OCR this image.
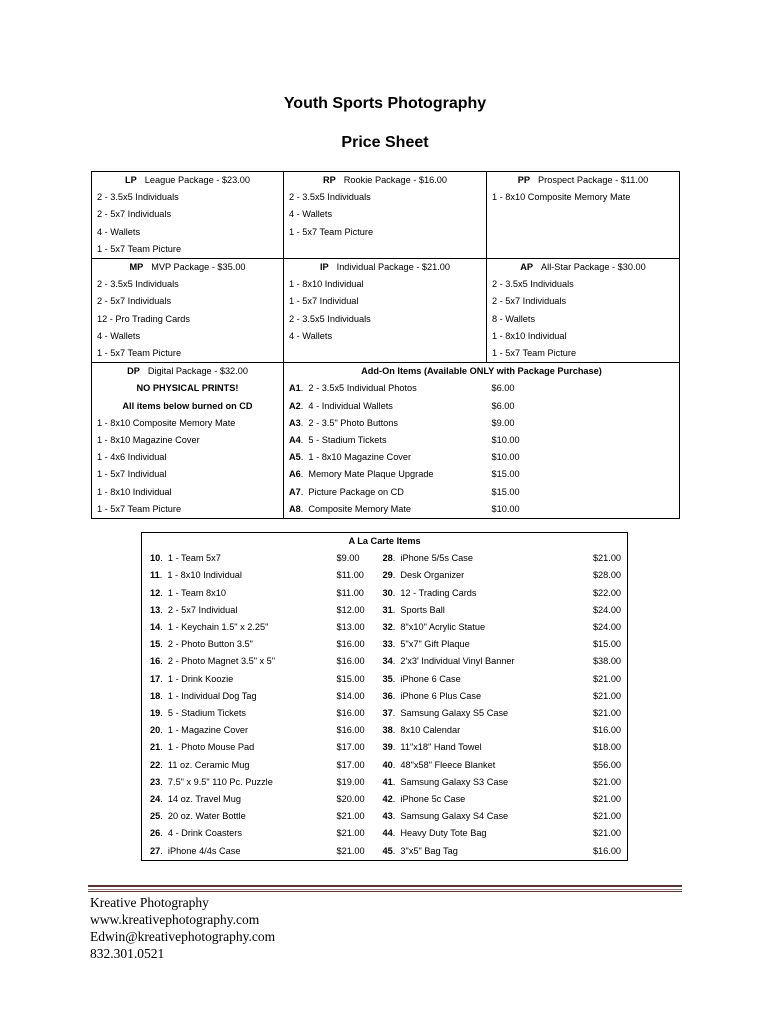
Youth Sports Photography
Price Sheet
LP League Package - $23.00	RP Rookie Package - $16.00	PP Prospect Package - $11.00
2 - 3.5x5 Individuals	2 - 3.5x5 Individuals	1 - 8x10 Composite Memory Mate
2 - 5x7 Individuals	4 - Wallets	
4 - Wallets	1 - 5x7 Team Picture	
1 - 5x7 Team Picture		
MP MVP Package - $35.00	IP Individual Package - $21.00	AP All-Star Package - $30.00
2 - 3.5x5 Individuals	1 - 8x10 Individual	2 - 3.5x5 Individuals
2 - 5x7 Individuals	1 - 5x7 Individual	2 - 5x7 Individuals
12 - Pro Trading Cards	2 - 3.5x5 Individuals	8 - Wallets
4 - Wallets	4 - Wallets	1 - 8x10 Individual
1 - 5x7 Team Picture		1 - 5x7 Team Picture
DP Digital Package - $32.00	Add-On Items (Available ONLY with Package Purchase)	
NO PHYSICAL PRINTS!	A1.  2 - 3.5x5 Individual Photos	$6.00
All items below burned on CD	A2.  4 - Individual Wallets	$6.00
1 - 8x10 Composite Memory Mate	A3.  2 - 3.5" Photo Buttons	$9.00
1 - 8x10 Magazine Cover	A4.  5 - Stadium Tickets	$10.00
1 - 4x6 Individual	A5.  1 - 8x10 Magazine Cover	$10.00
1 - 5x7 Individual	A6.  Memory Mate Plaque Upgrade	$15.00
1 - 8x10 Individual	A7.  Picture Package on CD	$15.00
1 - 5x7 Team Picture	A8.  Composite Memory Mate	$10.00
A La Carte Items			
10.  1 - Team 5x7	$9.00	28.  iPhone 5/5s Case	$21.00
11.  1 - 8x10 Individual	$11.00	29.  Desk Organizer	$28.00
12.  1 - Team 8x10	$11.00	30.  12 - Trading Cards	$22.00
13.  2 - 5x7 Individual	$12.00	31.  Sports Ball	$24.00
14.  1 - Keychain 1.5" x 2.25"	$13.00	32.  8"x10" Acrylic Statue	$24.00
15.  2 - Photo Button 3.5"	$16.00	33.  5"x7" Gift Plaque	$15.00
16.  2 - Photo Magnet 3.5" x 5"	$16.00	34.  2'x3' Individual Vinyl Banner	$38.00
17.  1 - Drink Koozie	$15.00	35.  iPhone 6 Case	$21.00
18.  1 - Individual Dog Tag	$14.00	36.  iPhone 6 Plus Case	$21.00
19.  5 - Stadium Tickets	$16.00	37.  Samsung Galaxy S5 Case	$21.00
20.  1 - Magazine Cover	$16.00	38.  8x10 Calendar	$16.00
21.  1 - Photo Mouse Pad	$17.00	39.  11"x18" Hand Towel	$18.00
22.  11 oz. Ceramic Mug	$17.00	40.  48"x58" Fleece Blanket	$56.00
23.  7.5" x 9.5" 110 Pc. Puzzle	$19.00	41.  Samsung Galaxy S3 Case	$21.00
24.  14 oz. Travel Mug	$20.00	42.  iPhone 5c Case	$21.00
25.  20 oz. Water Bottle	$21.00	43.  Samsung Galaxy S4 Case	$21.00
26.  4 - Drink Coasters	$21.00	44.  Heavy Duty Tote Bag	$21.00
27.  iPhone 4/4s Case	$21.00	45.  3"x5" Bag Tag	$16.00
Kreative Photography
www.kreativephotography.com
Edwin@kreativephotography.com
832.301.0521
